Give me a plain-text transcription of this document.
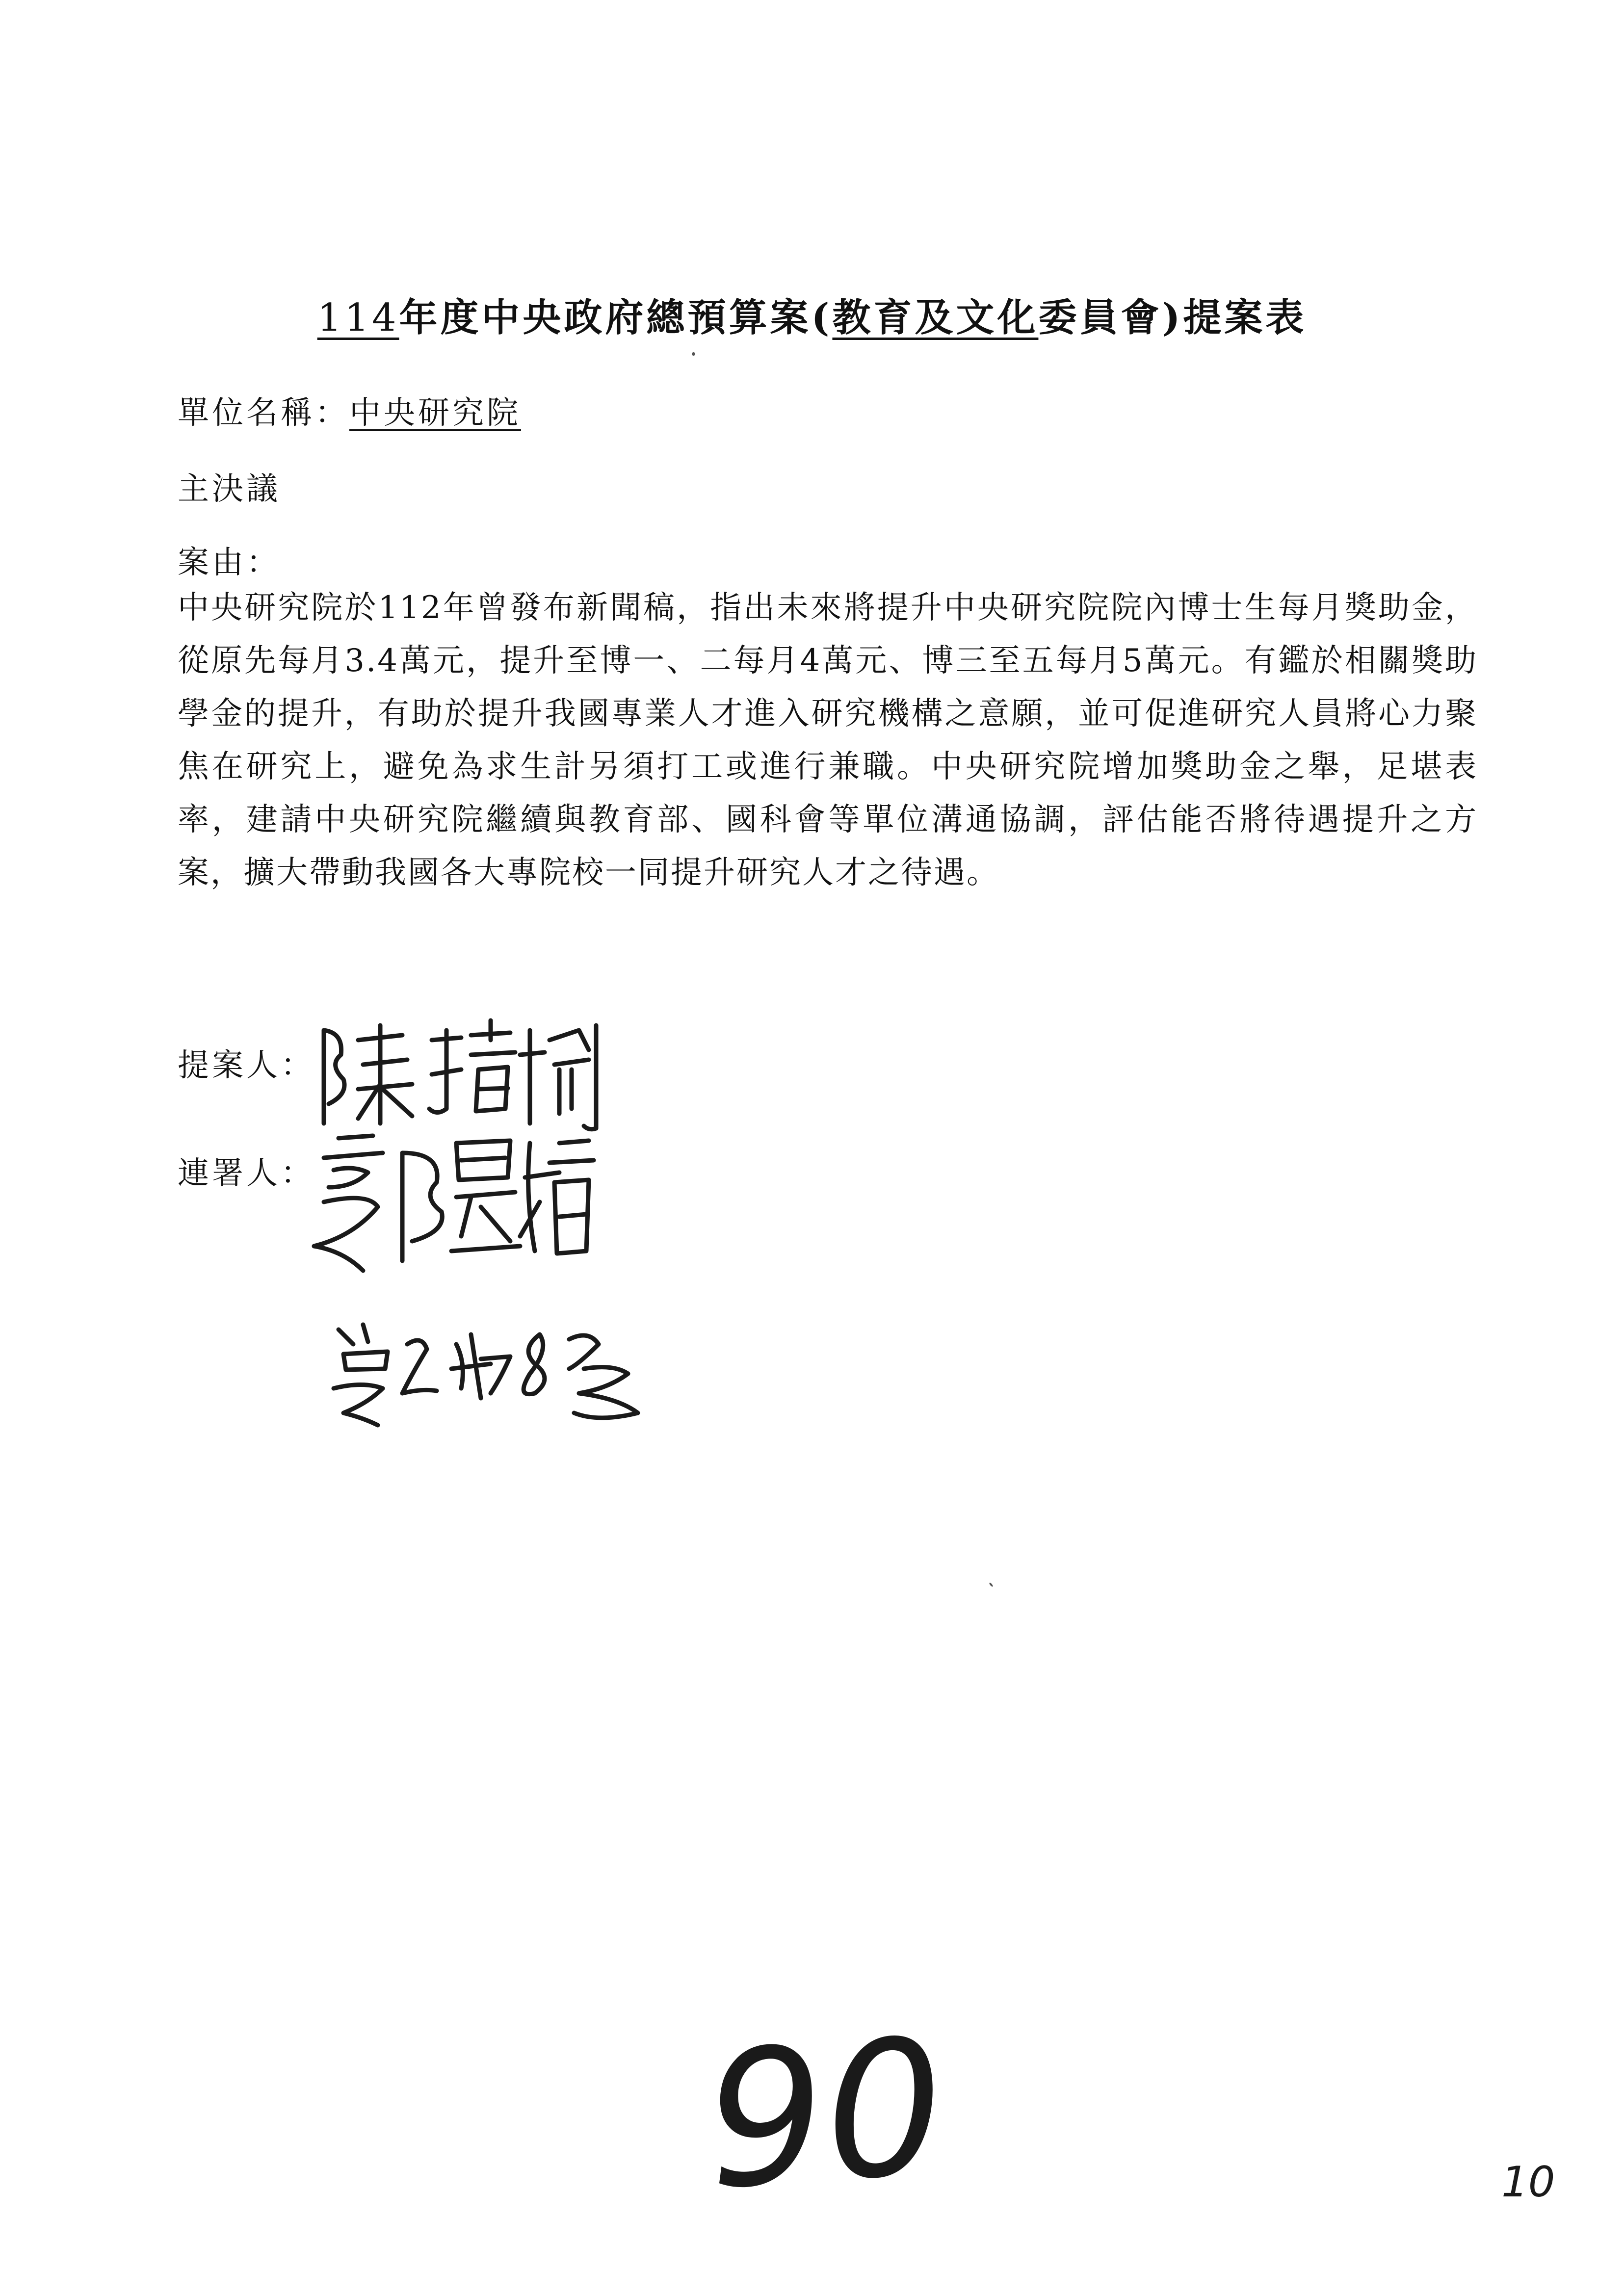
114年度中央政府總預算案(教育及文化委員會)提案表
單位名稱：中央研究院
主決議
案由：
中央研究院於112年曾發布新聞稿，指出未來將提升中央研究院院內博士生每月獎助金，從原先每月3.4萬元，提升至博一、二每月4萬元、博三至五每月5萬元。有鑑於相關獎助學金的提升，有助於提升我國專業人才進入研究機構之意願，並可促進研究人員將心力聚焦在研究上，避免為求生計另須打工或進行兼職。中央研究院增加獎助金之舉，足堪表率，建請中央研究院繼續與教育部、國科會等單位溝通協調，評估能否將待遇提升之方案，擴大帶動我國各大專院校一同提升研究人才之待遇。
提案人：
連署人：
90	10
